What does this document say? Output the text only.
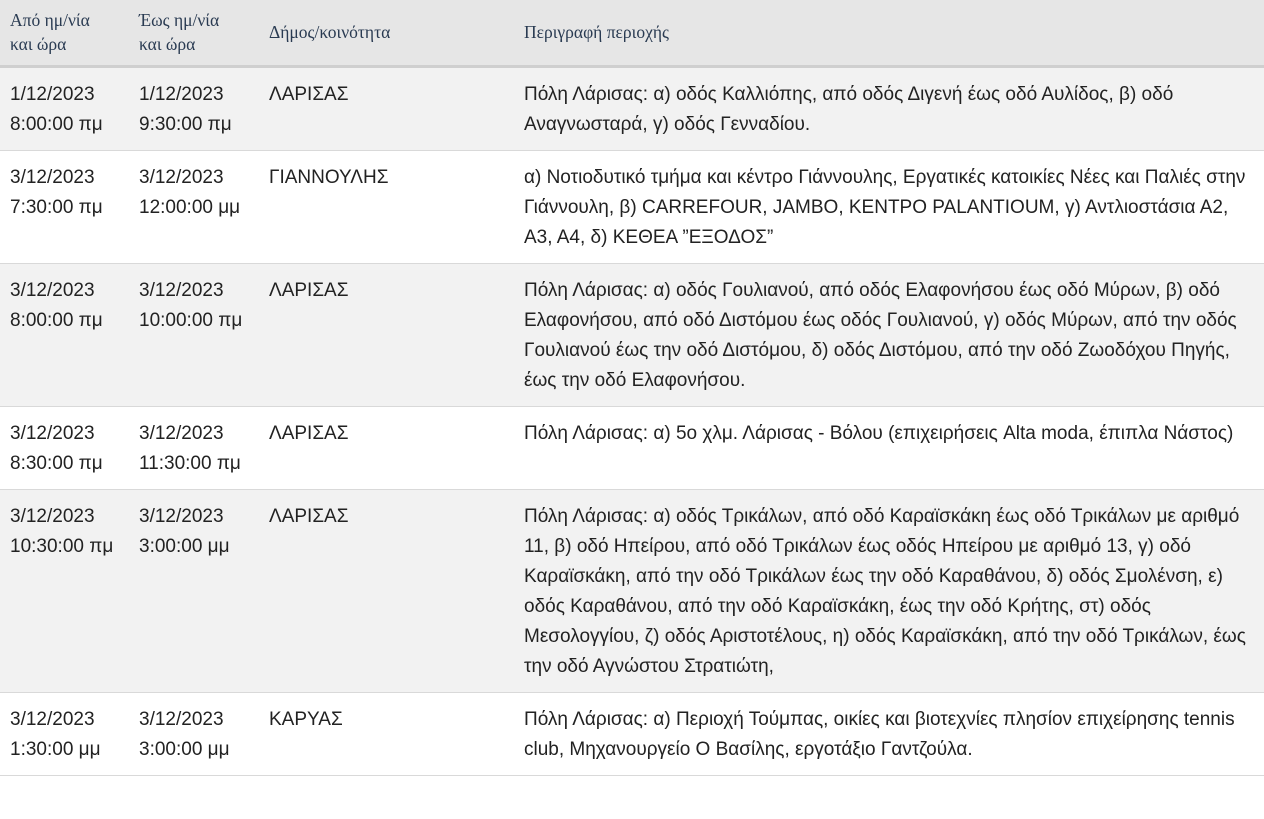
Από ημ/νία
και ώρα	Έως ημ/νία
και ώρα	Δήμος/κοινότητα	Περιγραφή περιοχής
1/12/2023
8:00:00 πμ	1/12/2023
9:30:00 πμ	ΛΑΡΙΣΑΣ	Πόλη Λάρισας: α) οδός Καλλιόπης, από οδός Διγενή έως οδό Αυλίδος, β) οδό Αναγνωσταρά, γ) οδός Γενναδίου.
3/12/2023
7:30:00 πμ	3/12/2023
12:00:00 μμ	ΓΙΑΝΝΟΥΛΗΣ	α) Νοτιοδυτικό τμήμα και κέντρο Γιάννουλης, Εργατικές κατοικίες Νέες και Παλιές στην Γιάννουλη, β) CARREFOUR, JAMBO, ΚΕΝΤΡΟ PALANTIOUM, γ) Αντλιοστάσια Α2, Α3, Α4, δ) ΚΕΘΕΑ ”ΕΞΟΔΟΣ”
3/12/2023
8:00:00 πμ	3/12/2023
10:00:00 πμ	ΛΑΡΙΣΑΣ	Πόλη Λάρισας: α) οδός Γουλιανού, από οδός Ελαφονήσου έως οδό Μύρων, β) οδό Ελαφονήσου, από οδό Διστόμου έως οδός Γουλιανού, γ) οδός Μύρων, από την οδός Γουλιανού έως την οδό Διστόμου, δ) οδός Διστόμου, από την οδό Ζωοδόχου Πηγής, έως την οδό Ελαφονήσου.
3/12/2023
8:30:00 πμ	3/12/2023
11:30:00 πμ	ΛΑΡΙΣΑΣ	Πόλη Λάρισας: α) 5ο χλμ. Λάρισας - Βόλου (επιχειρήσεις Alta moda, έπιπλα Νάστος)
3/12/2023
10:30:00 πμ	3/12/2023
3:00:00 μμ	ΛΑΡΙΣΑΣ	Πόλη Λάρισας: α) οδός Τρικάλων, από οδό Καραϊσκάκη έως οδό Τρικάλων με αριθμό 11, β) οδό Ηπείρου, από οδό Τρικάλων έως οδός Ηπείρου με αριθμό 13, γ) οδό Καραϊσκάκη, από την οδό Τρικάλων έως την οδό Καραθάνου, δ) οδός Σμολένση, ε) οδός Καραθάνου, από την οδό Καραϊσκάκη, έως την οδό Κρήτης, στ) οδός Μεσολογγίου, ζ) οδός Αριστοτέλους, η) οδός Καραϊσκάκη, από την οδό Τρικάλων, έως την οδό Αγνώστου Στρατιώτη,
3/12/2023
1:30:00 μμ	3/12/2023
3:00:00 μμ	ΚΑΡΥΑΣ	Πόλη Λάρισας: α) Περιοχή Τούμπας, οικίες και βιοτεχνίες πλησίον επιχείρησης tennis club, Μηχανουργείο Ο Βασίλης, εργοτάξιο Γαντζούλα.
